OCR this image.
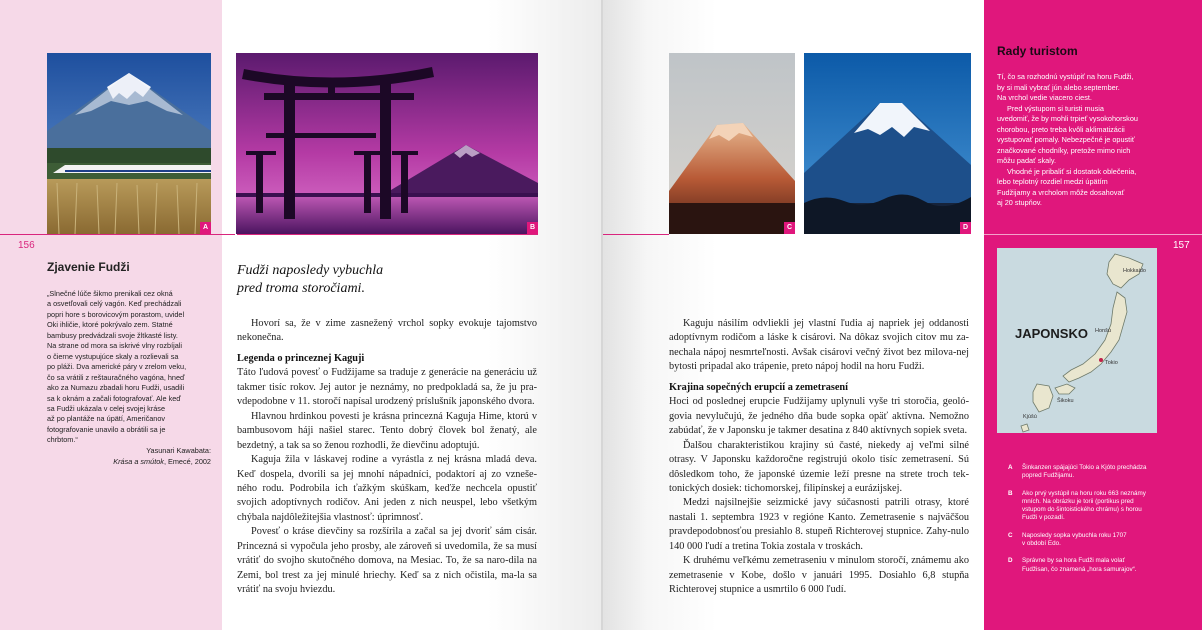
A	B	C	D
156	157
Zjavenie Fudži
„Slnečné lúče šikmo prenikali cez okná
a osvetľovali celý vagón. Keď prechádzali
popri hore s borovicovým porastom, uvidel
Oki ihličie, ktoré pokrývalo zem. Statné
bambusy predvádzali svoje žltkasté listy.
Na strane od mora sa iskrivé vlny rozbíjali
o čierne vystupujúce skaly a rozlievali sa
po pláži. Dva americké páry v zrelom veku,
čo sa vrátili z reštauračného vagóna, hneď
ako za Numazu zbadali horu Fudži, usadili
sa k oknám a začali fotografovať. Ale keď
sa Fudži ukázala v celej svojej kráse
až po plantáže na úpätí, Američanov
fotografovanie unavilo a obrátili sa je
chrbtom.“
Yasunari Kawabata:
Krása a smútok, Emecé, 2002
Fudži naposledy vybuchla
pred troma storočiami.

Hovorí sa, že v zime zasnežený vrchol sopky evokuje tajomstvo nekonečna.

Legenda o princeznej Kaguji

Táto ľudová povesť o Fudžijame sa traduje z generácie na generáciu už takmer tisíc rokov. Jej autor je neznámy, no predpokladá sa, že ju pra-vdepodobne v 11. storočí napísal urodzený príslušník japonského dvora.

Hlavnou hrdinkou povesti je krásna princezná Kaguja Hime, ktorú v bambusovom háji našiel starec. Tento dobrý človek bol ženatý, ale bezdetný, a tak sa so ženou rozhodli, že dievčinu adoptujú.

Kaguja žila v láskavej rodine a vyrástla z nej krásna mladá deva. Keď dospela, dvorili sa jej mnohí nápadníci, podaktorí aj zo vzneše-ného rodu. Podrobila ich ťažkým skúškam, keďže nechcela opustiť svojich adoptívnych rodičov. Ani jeden z nich neuspel, lebo všetkým chýbala najdôležitejšia vlastnosť: úprimnosť.

Povesť o kráse dievčiny sa rozšírila a začal sa jej dvoriť sám cisár. Princezná si vypočula jeho prosby, ale zároveň si uvedomila, že sa musí vrátiť do svojho skutočného domova, na Mesiac. To, že sa naro-dila na Zemi, bol trest za jej minulé hriechy. Keď sa z nich očistila, ma-la sa vrátiť na svoju hviezdu.

Kaguju násilím odvliekli jej vlastní ľudia aj napriek jej oddanosti adoptívnym rodičom a láske k cisárovi. Na dôkaz svojich citov mu za-nechala nápoj nesmrteľnosti. Avšak cisárovi večný život bez milova-nej bytosti pripadal ako trápenie, preto nápoj hodil na horu Fudži.

Krajina sopečných erupcií a zemetrasení

Hoci od poslednej erupcie Fudžijamy uplynuli vyše tri storočia, geoló-govia nevylučujú, že jedného dňa bude sopka opäť aktívna. Nemožno zabúdať, že v Japonsku je takmer desatina z 840 aktívnych sopiek sveta.

Ďalšou charakteristikou krajiny sú časté, niekedy aj veľmi silné otrasy. V Japonsku každoročne registrujú okolo tisíc zemetrasení. Sú dôsledkom toho, že japonské územie leží presne na strete troch tek-tonických dosiek: tichomorskej, filipínskej a eurázijskej.

Medzi najsilnejšie seizmické javy súčasnosti patrili otrasy, ktoré nastali 1. septembra 1923 v regióne Kanto. Zemetrasenie s najväčšou pravdepodobnosťou presiahlo 8. stupeň Richterovej stupnice. Zahy-nulo 140 000 ľudí a tretina Tokia zostala v troskách.

K druhému veľkému zemetraseniu v minulom storočí, známemu ako zemetrasenie v Kobe, došlo v januári 1995. Dosiahlo 6,8 stupňa Richterovej stupnice a usmrtilo 6 000 ľudí.

Rady turistom

Tí, čo sa rozhodnú vystúpiť na horu Fudži,
by si mali vybrať jún alebo september.
Na vrchol vedie viacero ciest.

Pred výstupom si turisti musia
uvedomiť, že by mohli trpieť vysokohorskou
chorobou, preto treba kvôli aklimatizácii
vystupovať pomaly. Nebezpečné je opustiť
značkované chodníky, pretože mimo nich
môžu padať skaly.

Vhodné je pribaliť si dostatok oblečenia,
lebo teplotný rozdiel medzi úpätím
Fudžijamy a vrcholom môže dosahovať
aj 20 stupňov.

JAPONSKO
Hokkaido
Honšú
Šikoku
Kjúšú
Tokio
A Šinkanzen spájajúci Tokio a Kjóto prechádza
popred Fudžijamu.
B Ako prvý vystúpil na horu roku 663 neznámy
mních. Na obrázku je torii (portikus pred
vstupom do šintoistického chrámu) s horou
Fudži v pozadí.
C Naposledy sopka vybuchla roku 1707
v období Edo.
D Správne by sa hora Fudži mala volať
Fudžisan, čo znamená „hora samurajov“.
